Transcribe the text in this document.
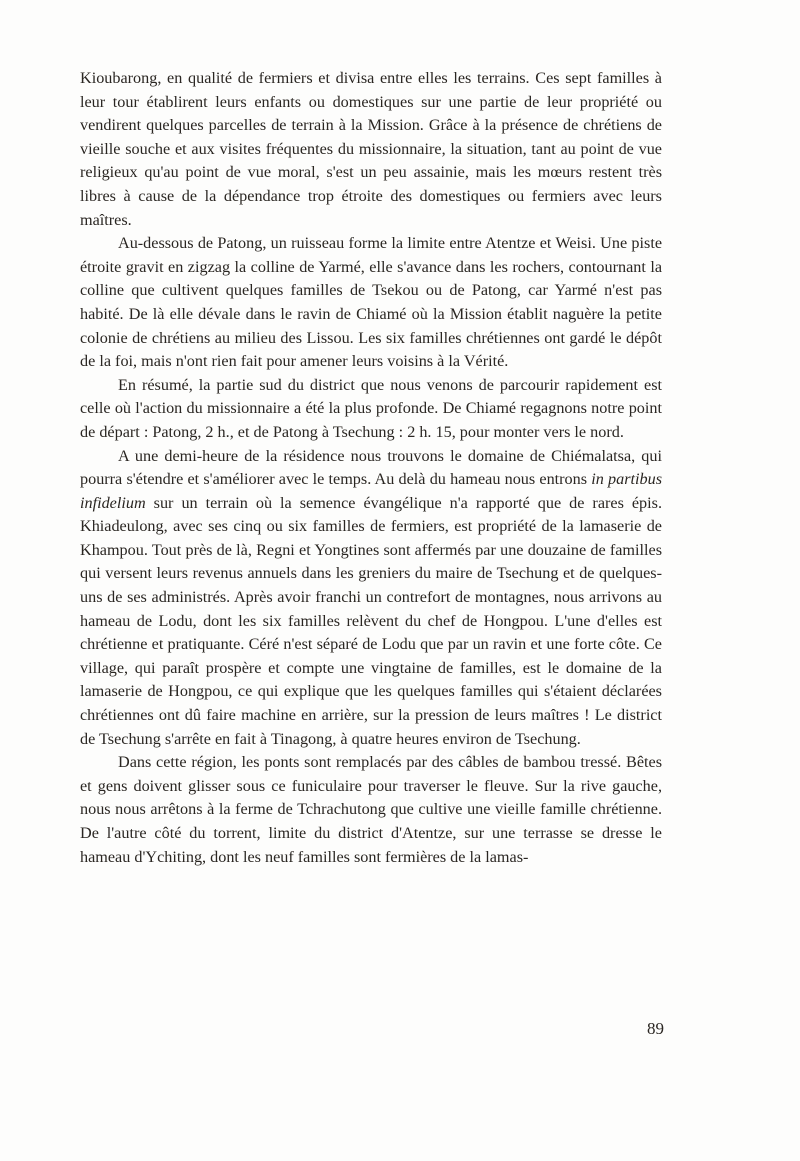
Kioubarong, en qualité de fermiers et divisa entre elles les terrains. Ces sept familles à leur tour établirent leurs enfants ou domestiques sur une partie de leur propriété ou vendirent quelques parcelles de terrain à la Mission. Grâce à la présence de chrétiens de vieille souche et aux visites fréquentes du missionnaire, la situation, tant au point de vue religieux qu'au point de vue moral, s'est un peu assainie, mais les mœurs restent très libres à cause de la dépendance trop étroite des domestiques ou fermiers avec leurs maîtres.

Au-dessous de Patong, un ruisseau forme la limite entre Atentze et Weisi. Une piste étroite gravit en zigzag la colline de Yarmé, elle s'avance dans les rochers, contournant la colline que cultivent quelques familles de Tsekou ou de Patong, car Yarmé n'est pas habité. De là elle dévale dans le ravin de Chiamé où la Mission établit naguère la petite colonie de chrétiens au milieu des Lissou. Les six familles chrétiennes ont gardé le dépôt de la foi, mais n'ont rien fait pour amener leurs voisins à la Vérité.

En résumé, la partie sud du district que nous venons de parcourir rapidement est celle où l'action du missionnaire a été la plus profonde. De Chiamé regagnons notre point de départ : Patong, 2 h., et de Patong à Tsechung : 2 h. 15, pour monter vers le nord.

A une demi-heure de la résidence nous trouvons le domaine de Chiémalatsa, qui pourra s'étendre et s'améliorer avec le temps. Au delà du hameau nous entrons in partibus infidelium sur un terrain où la semence évangélique n'a rapporté que de rares épis. Khiadeulong, avec ses cinq ou six familles de fermiers, est propriété de la lamaserie de Khampou. Tout près de là, Regni et Yongtines sont affermés par une douzaine de familles qui versent leurs revenus annuels dans les greniers du maire de Tsechung et de quelques-uns de ses administrés. Après avoir franchi un contrefort de montagnes, nous arrivons au hameau de Lodu, dont les six familles relèvent du chef de Hongpou. L'une d'elles est chrétienne et pratiquante. Céré n'est séparé de Lodu que par un ravin et une forte côte. Ce village, qui paraît prospère et compte une vingtaine de familles, est le domaine de la lamaserie de Hongpou, ce qui explique que les quelques familles qui s'étaient déclarées chrétiennes ont dû faire machine en arrière, sur la pression de leurs maîtres ! Le district de Tsechung s'arrête en fait à Tinagong, à quatre heures environ de Tsechung.

Dans cette région, les ponts sont remplacés par des câbles de bambou tressé. Bêtes et gens doivent glisser sous ce funiculaire pour traverser le fleuve. Sur la rive gauche, nous nous arrêtons à la ferme de Tchrachutong que cultive une vieille famille chrétienne. De l'autre côté du torrent, limite du district d'Atentze, sur une terrasse se dresse le hameau d'Ychiting, dont les neuf familles sont fermières de la lamas-

89
